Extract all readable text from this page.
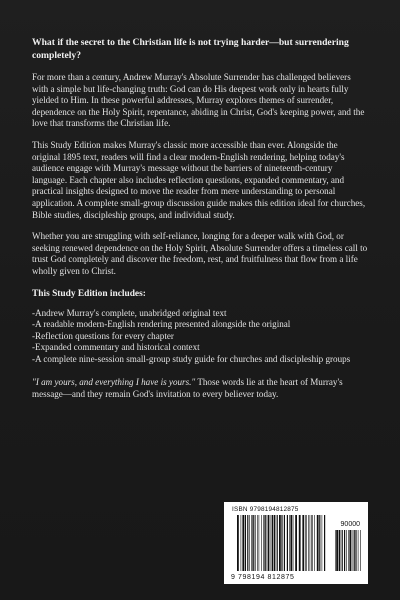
What if the secret to the Christian life is not trying harder—but surrendering completely?

For more than a century, Andrew Murray's Absolute Surrender has challenged believers with a simple but life-changing truth: God can do His deepest work only in hearts fully yielded to Him. In these powerful addresses, Murray explores themes of surrender, dependence on the Holy Spirit, repentance, abiding in Christ, God's keeping power, and the love that transforms the Christian life.

This Study Edition makes Murray's classic more accessible than ever. Alongside the original 1895 text, readers will find a clear modern-English rendering, helping today's audience engage with Murray's message without the barriers of nineteenth-century language. Each chapter also includes reflection questions, expanded commentary, and practical insights designed to move the reader from mere understanding to personal application. A complete small-group discussion guide makes this edition ideal for churches, Bible studies, discipleship groups, and individual study.

Whether you are struggling with self-reliance, longing for a deeper walk with God, or seeking renewed dependence on the Holy Spirit, Absolute Surrender offers a timeless call to trust God completely and discover the freedom, rest, and fruitfulness that flow from a life wholly given to Christ.

This Study Edition includes:
-Andrew Murray's complete, unabridged original text
-A readable modern-English rendering presented alongside the original
-Reflection questions for every chapter
-Expanded commentary and historical context
-A complete nine-session small-group study guide for churches and discipleship groups

"I am yours, and everything I have is yours." Those words lie at the heart of Murray's message—and they remain God's invitation to every believer today.

ISBN 9798194812875
90000
9 798194 812875
